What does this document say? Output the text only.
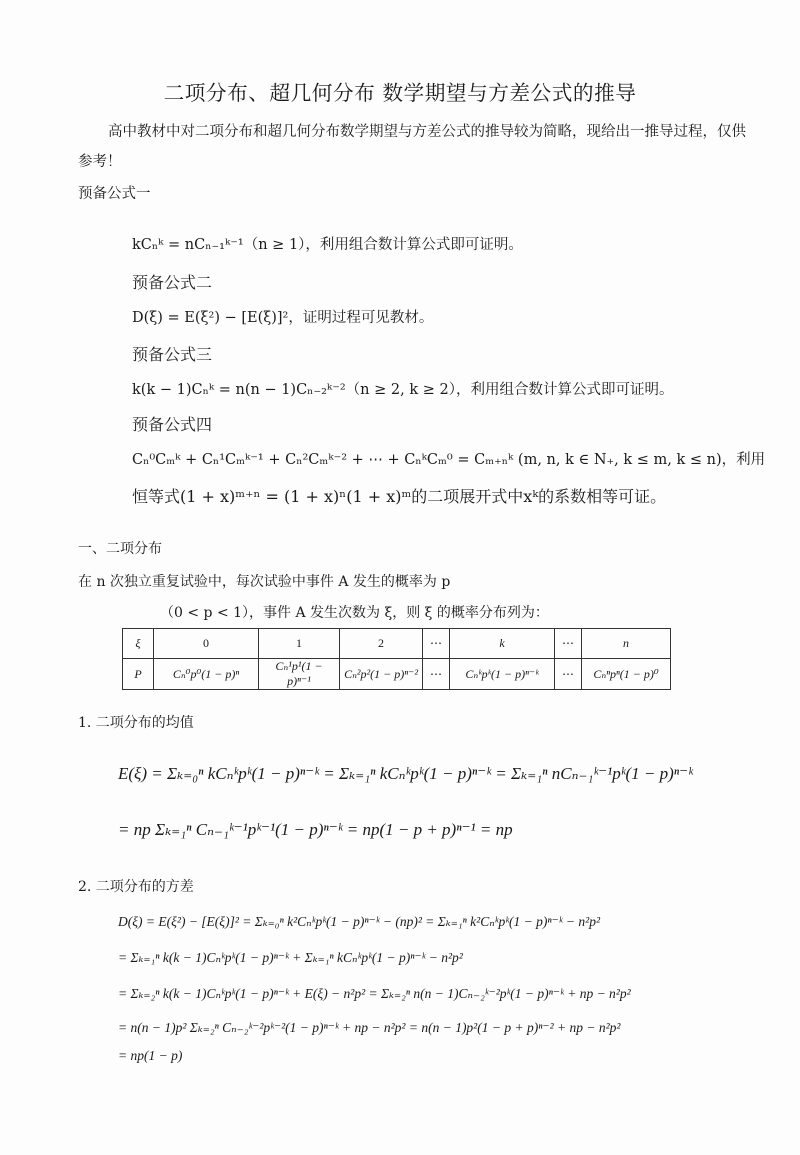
二项分布、超几何分布 数学期望与方差公式的推导
高中教材中对二项分布和超几何分布数学期望与方差公式的推导较为简略，现给出一推导过程，仅供
参考！
预备公式一
kCₙᵏ = nCₙ₋₁ᵏ⁻¹（n ≥ 1），利用组合数计算公式即可证明。
预备公式二
D(ξ) = E(ξ²) − [E(ξ)]²，证明过程可见教材。
预备公式三
k(k − 1)Cₙᵏ = n(n − 1)Cₙ₋₂ᵏ⁻²（n ≥ 2, k ≥ 2），利用组合数计算公式即可证明。
预备公式四
Cₙ⁰Cₘᵏ + Cₙ¹Cₘᵏ⁻¹ + Cₙ²Cₘᵏ⁻² + ⋯ + CₙᵏCₘ⁰ = Cₘ₊ₙᵏ (m, n, k ∈ N₊, k ≤ m, k ≤ n)，利用
恒等式(1 + x)ᵐ⁺ⁿ = (1 + x)ⁿ(1 + x)ᵐ的二项展开式中xᵏ的系数相等可证。
一、二项分布
在 n 次独立重复试验中，每次试验中事件 A 发生的概率为 p
（0 < p < 1），事件 A 发生次数为 ξ，则 ξ 的概率分布列为：
ξ	0	1	2	⋯	k	⋯	n
P	Cₙ⁰p⁰(1 − p)ⁿ	Cₙ¹p¹(1 − p)ⁿ⁻¹	Cₙ²p²(1 − p)ⁿ⁻²	⋯	Cₙᵏpᵏ(1 − p)ⁿ⁻ᵏ	⋯	Cₙⁿpⁿ(1 − p)⁰
1. 二项分布的均值
E(ξ) = Σₖ₌₀ⁿ kCₙᵏpᵏ(1 − p)ⁿ⁻ᵏ = Σₖ₌₁ⁿ kCₙᵏpᵏ(1 − p)ⁿ⁻ᵏ = Σₖ₌₁ⁿ nCₙ₋₁ᵏ⁻¹pᵏ(1 − p)ⁿ⁻ᵏ
= np Σₖ₌₁ⁿ Cₙ₋₁ᵏ⁻¹pᵏ⁻¹(1 − p)ⁿ⁻ᵏ = np(1 − p + p)ⁿ⁻¹ = np
2. 二项分布的方差
D(ξ) = E(ξ²) − [E(ξ)]² = Σₖ₌₀ⁿ k²Cₙᵏpᵏ(1 − p)ⁿ⁻ᵏ − (np)² = Σₖ₌₁ⁿ k²Cₙᵏpᵏ(1 − p)ⁿ⁻ᵏ − n²p²
= Σₖ₌₁ⁿ k(k − 1)Cₙᵏpᵏ(1 − p)ⁿ⁻ᵏ + Σₖ₌₁ⁿ kCₙᵏpᵏ(1 − p)ⁿ⁻ᵏ − n²p²
= Σₖ₌₂ⁿ k(k − 1)Cₙᵏpᵏ(1 − p)ⁿ⁻ᵏ + E(ξ) − n²p² = Σₖ₌₂ⁿ n(n − 1)Cₙ₋₂ᵏ⁻²pᵏ(1 − p)ⁿ⁻ᵏ + np − n²p²
= n(n − 1)p² Σₖ₌₂ⁿ Cₙ₋₂ᵏ⁻²pᵏ⁻²(1 − p)ⁿ⁻ᵏ + np − n²p² = n(n − 1)p²(1 − p + p)ⁿ⁻² + np − n²p²
= np(1 − p)
